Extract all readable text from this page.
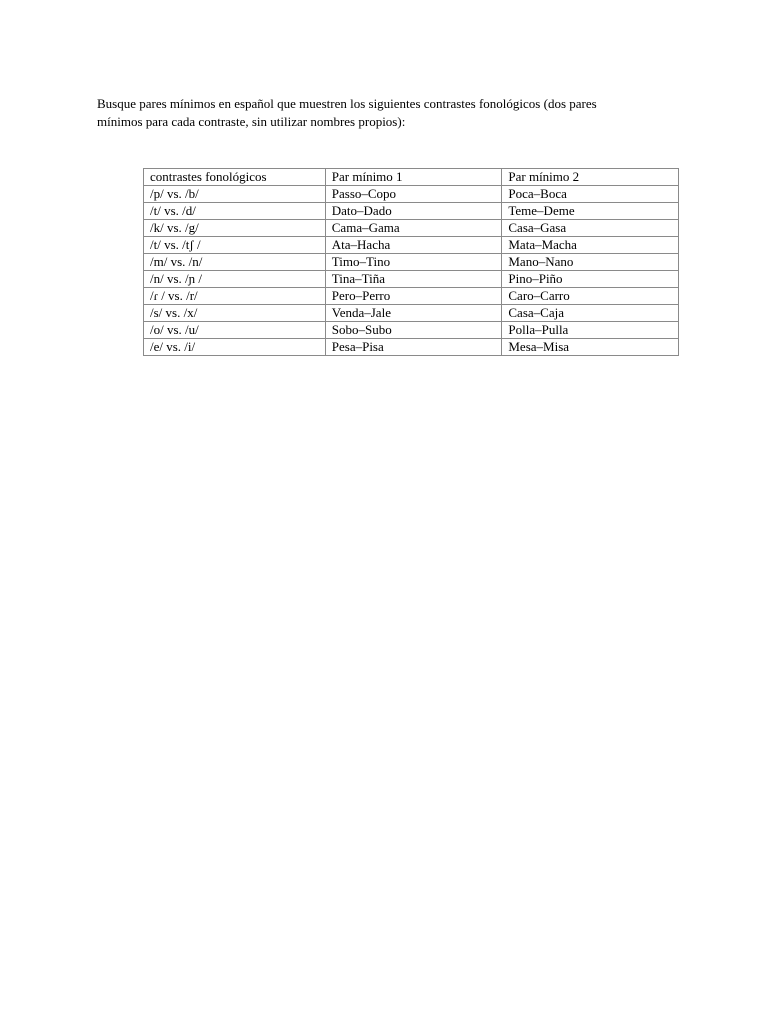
Busque pares mínimos en español que muestren los siguientes contrastes fonológicos (dos pares
mínimos para cada contraste, sin utilizar nombres propios):

contrastes fonológicos	Par mínimo 1	Par mínimo 2
/p/ vs. /b/	Passo–Copo	Poca–Boca
/t/ vs. /d/	Dato–Dado	Teme–Deme
/k/ vs. /g/	Cama–Gama	Casa–Gasa
/t/ vs. /tʃ /	Ata–Hacha	Mata–Macha
/m/ vs. /n/	Timo–Tino	Mano–Nano
/n/ vs. /ɲ /	Tina–Tiña	Pino–Piño
/ɾ / vs. /r/	Pero–Perro	Caro–Carro
/s/ vs. /x/	Venda–Jale	Casa–Caja
/o/ vs. /u/	Sobo–Subo	Polla–Pulla
/e/ vs. /i/	Pesa–Pisa	Mesa–Misa
